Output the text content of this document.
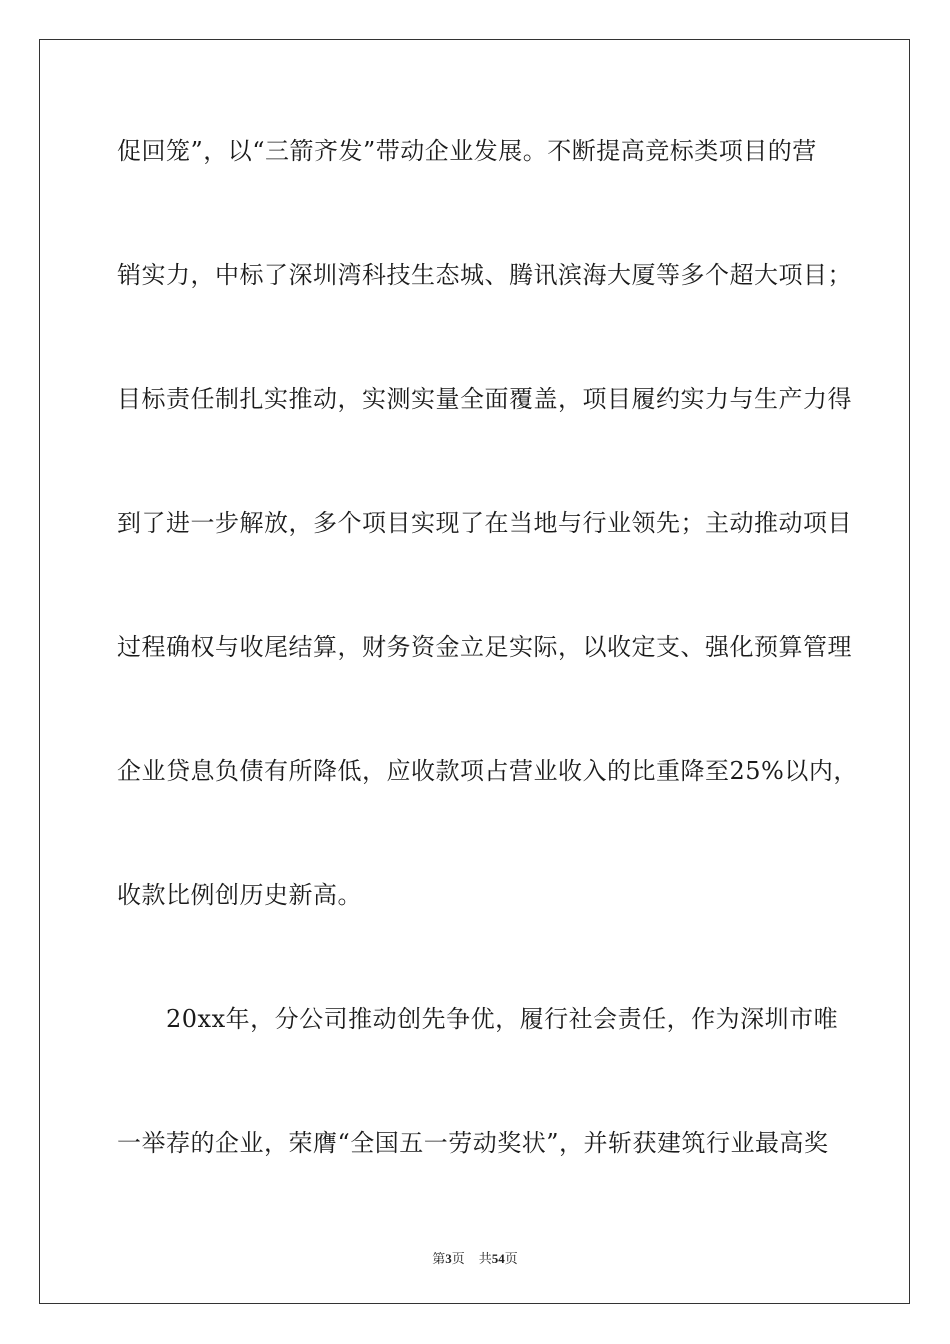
促回笼”，以“三箭齐发”带动企业发展。不断提高竞标类项目的营
销实力，中标了深圳湾科技生态城、腾讯滨海大厦等多个超大项目；
目标责任制扎实推动，实测实量全面覆盖，项目履约实力与生产力得
到了进一步解放，多个项目实现了在当地与行业领先；主动推动项目
过程确权与收尾结算，财务资金立足实际，以收定支、强化预算管理
企业贷息负债有所降低，应收款项占营业收入的比重降至25%以内，
收款比例创历史新高。
　　20xx年，分公司推动创先争优，履行社会责任，作为深圳市唯
一举荐的企业，荣膺“全国五一劳动奖状”，并斩获建筑行业最高奖
第3页 共54页
